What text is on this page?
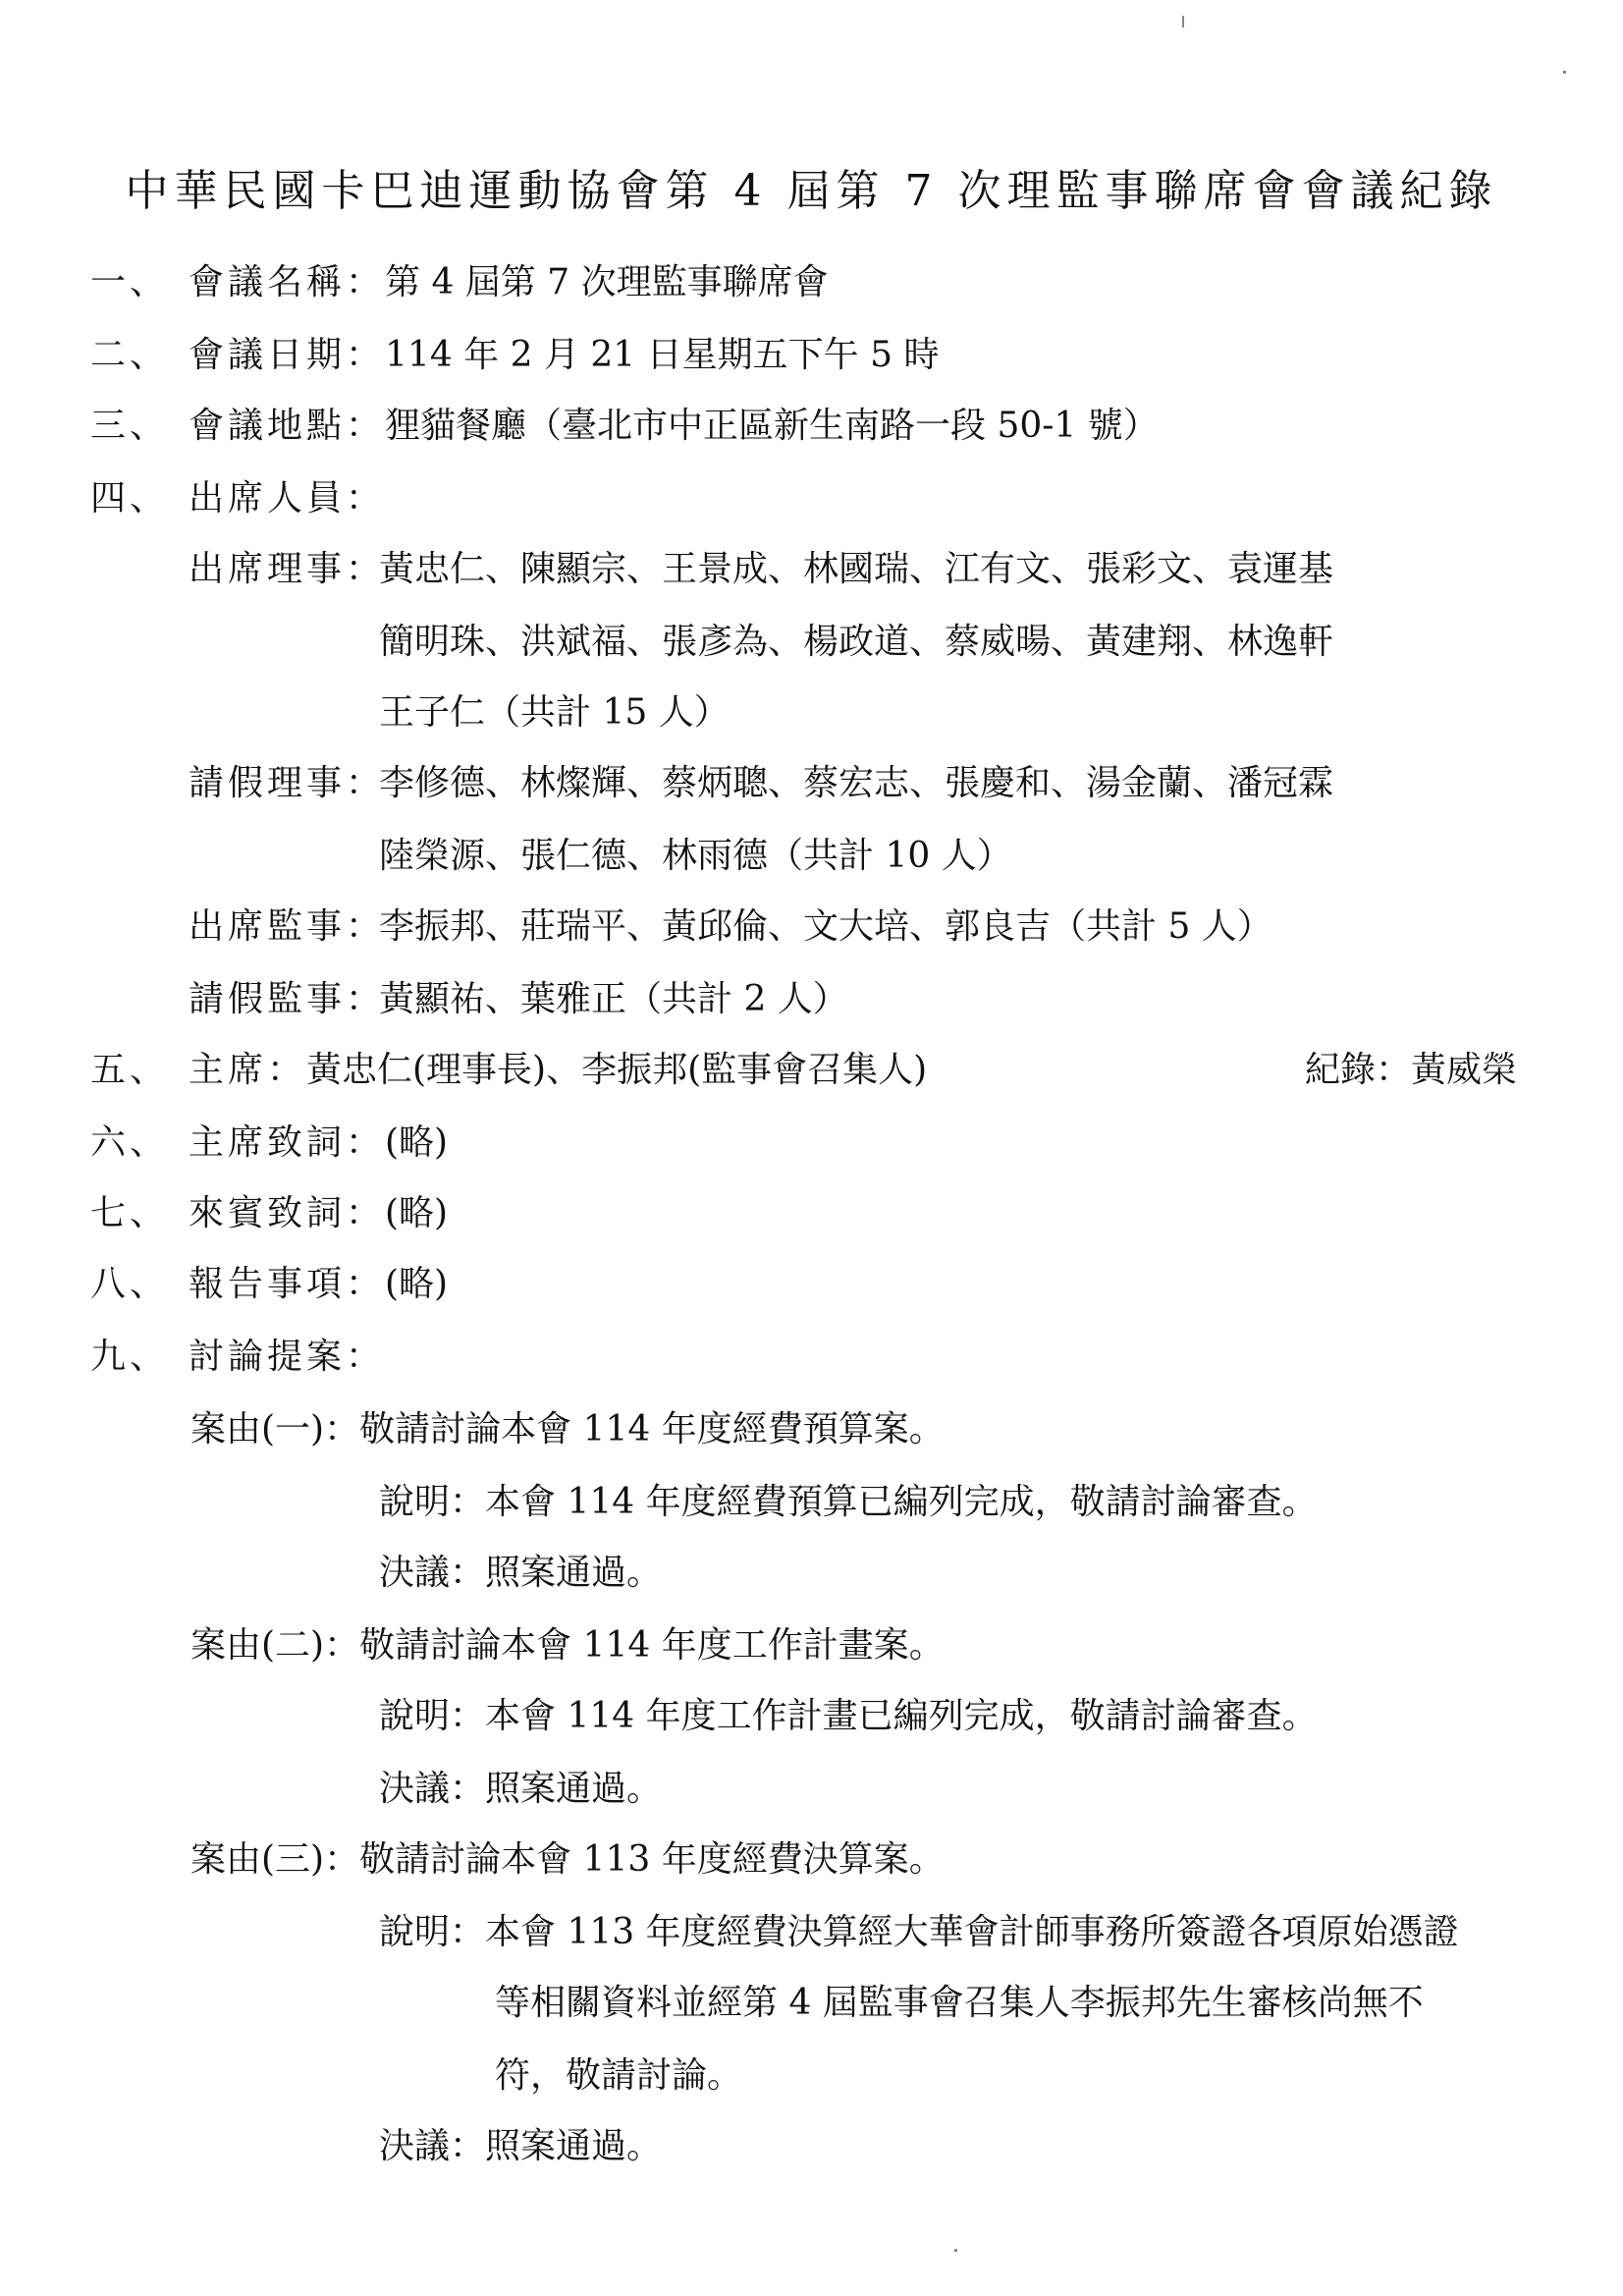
中華民國卡巴迪運動協會第 4 屆第 7 次理監事聯席會會議紀錄
一、 會議名稱：第 4 屆第 7 次理監事聯席會
二、 會議日期：114 年 2 月 21 日星期五下午 5 時
三、 會議地點：狸貓餐廳（臺北市中正區新生南路一段 50-1 號）
四、 出席人員：
出席理事：
黃忠仁、陳顯宗、王景成、林國瑞、江有文、張彩文、袁運基
簡明珠、洪斌福、張彥為、楊政道、蔡威暘、黃建翔、林逸軒
王子仁（共計 15 人）
請假理事：
李修德、林燦輝、蔡炳聰、蔡宏志、張慶和、湯金蘭、潘冠霖
陸榮源、張仁德、林雨德（共計 10 人）
出席監事：
李振邦、莊瑞平、黃邱倫、文大培、郭良吉（共計 5 人）
請假監事：
黃顯祐、葉雅正（共計 2 人）
五、 主席：黃忠仁(理事長)、李振邦(監事會召集人)	紀錄：黃威榮
六、 主席致詞：(略)
七、 來賓致詞：(略)
八、 報告事項：(略)
九、 討論提案：
案由(一)：敬請討論本會 114 年度經費預算案。
說明：本會 114 年度經費預算已編列完成，敬請討論審查。
決議：照案通過。
案由(二)：敬請討論本會 114 年度工作計畫案。
說明：本會 114 年度工作計畫已編列完成，敬請討論審查。
決議：照案通過。
案由(三)：敬請討論本會 113 年度經費決算案。
說明：本會 113 年度經費決算經大華會計師事務所簽證各項原始憑證
等相關資料並經第 4 屆監事會召集人李振邦先生審核尚無不
符，敬請討論。
決議：照案通過。
